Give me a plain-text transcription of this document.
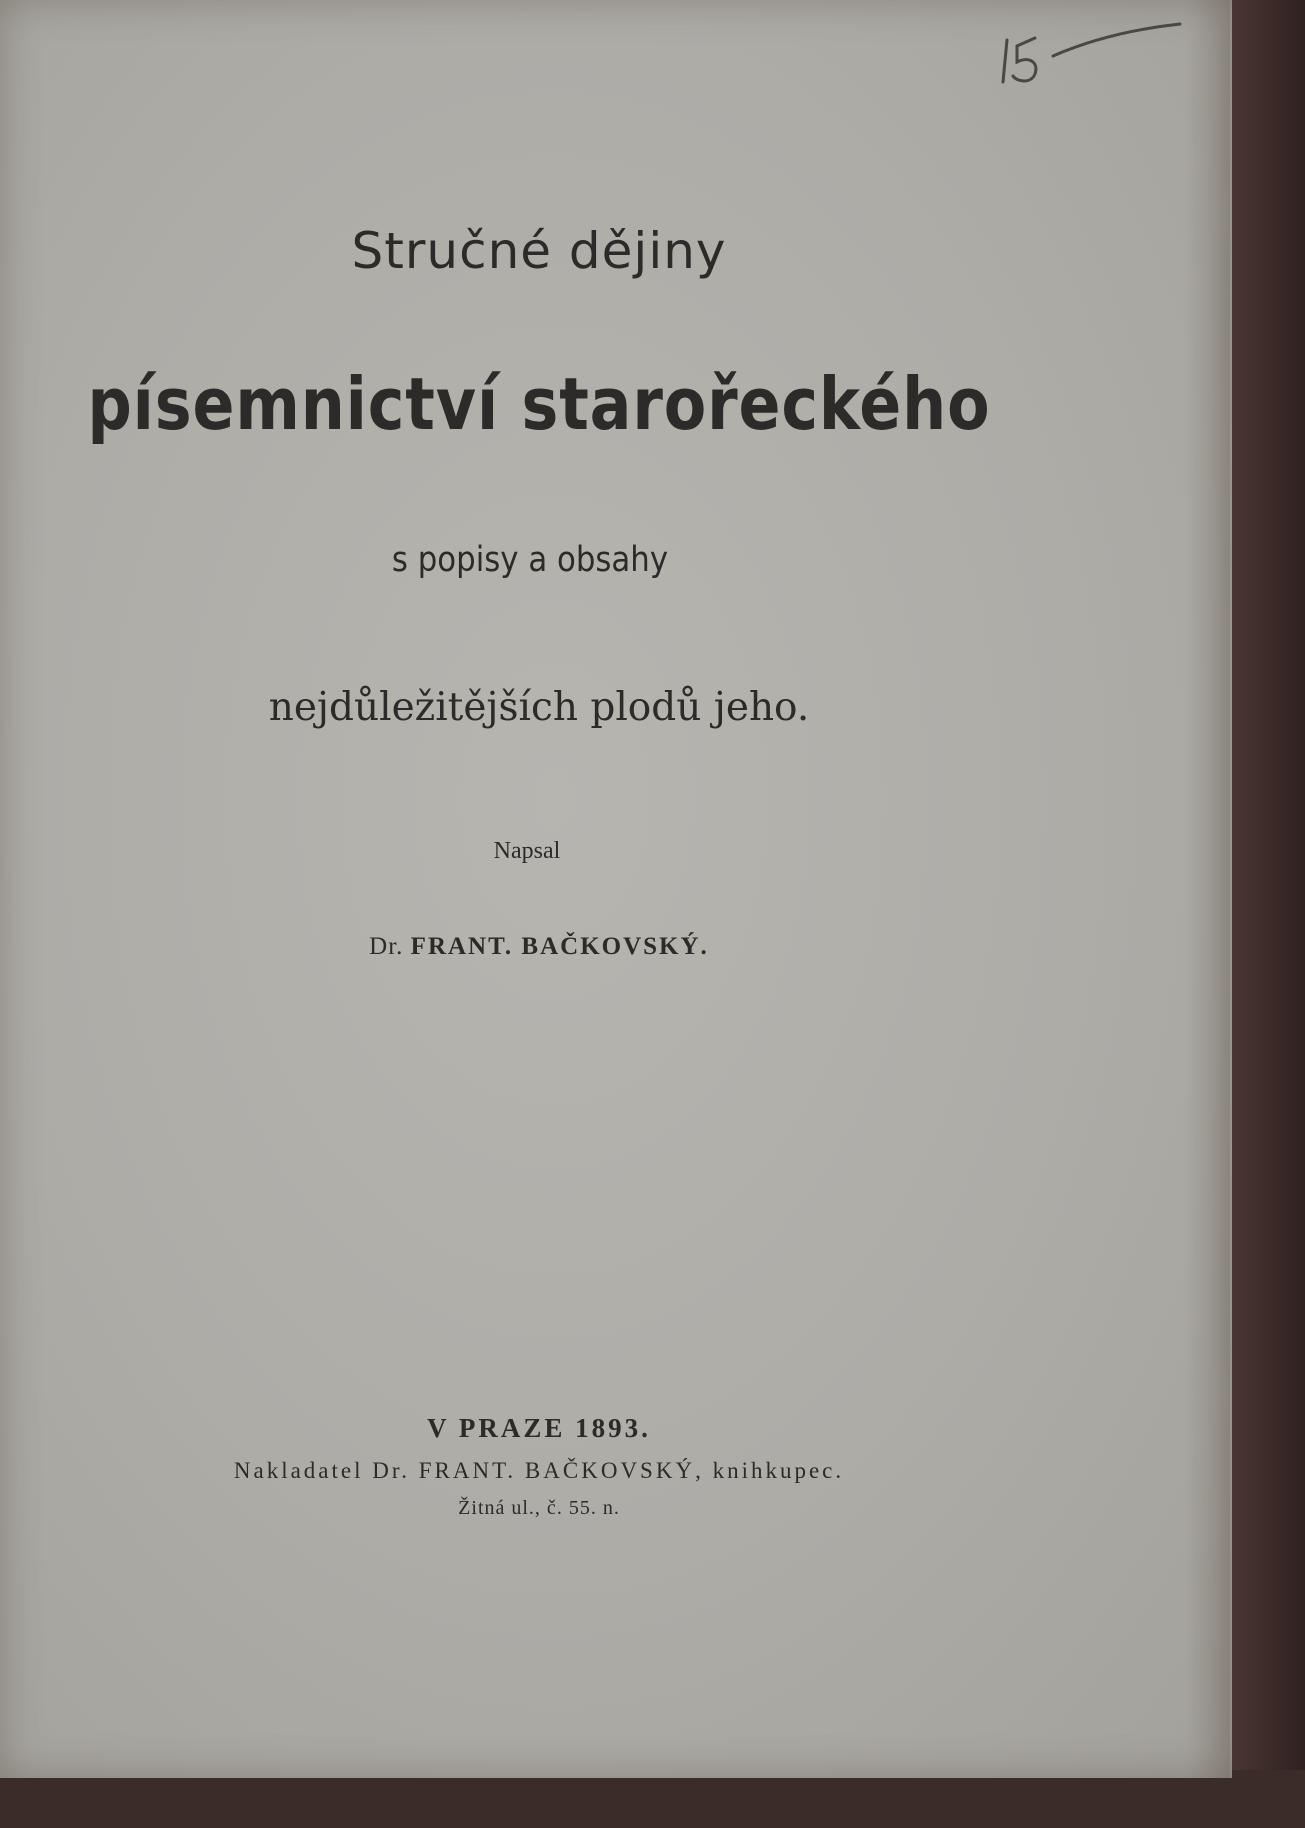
Stručné dějiny
písemnictví starořeckého
s popisy a obsahy
nejdůležitějších plodů jeho.
Napsal
Dr. FRANT. BAČKOVSKÝ.
V PRAZE 1893.
Nakladatel Dr. FRANT. BAČKOVSKÝ, knihkupec.
Žitná ul., č. 55. n.
